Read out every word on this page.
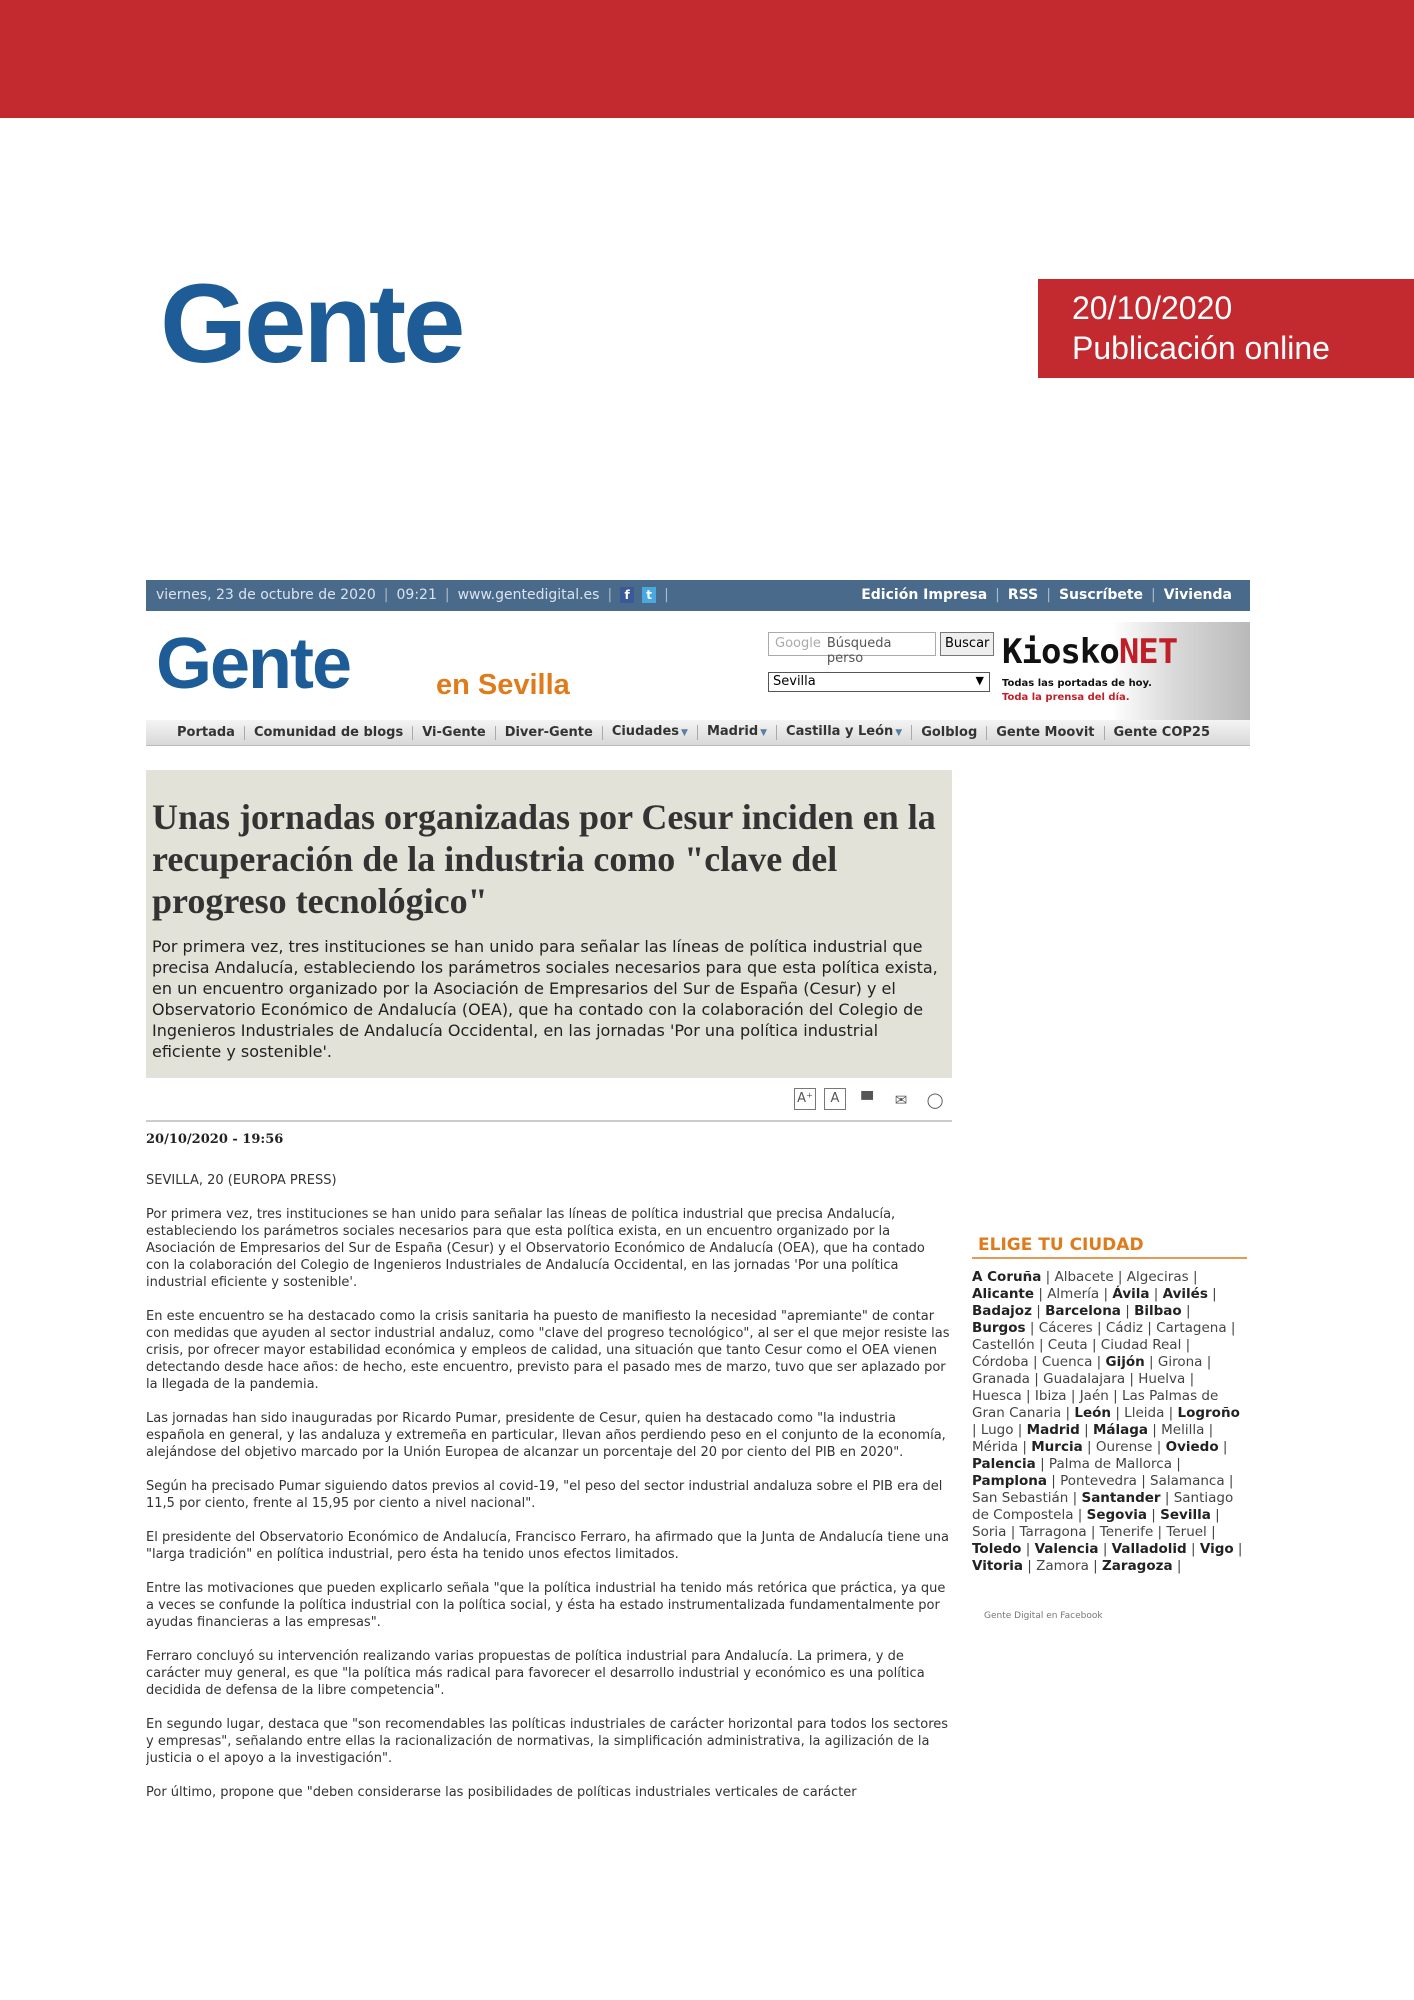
Gente	20/10/2020
Publicación online
viernes, 23 de octubre de 2020 | 09:21 | www.gentedigital.es |	f	t |	Edición Impresa | RSS | Suscríbete | Vivienda
Gente	en Sevilla
Google Búsqueda perso
Buscar
Sevilla	▼
KioskoNET
Todas las portadas de hoy.
Toda la prensa del día.
Portada	Comunidad de blogs	Vi-Gente	Diver-Gente	Ciudades ▼	Madrid ▼	Castilla y León ▼	Golblog	Gente Moovit	Gente COP25
Unas jornadas organizadas por Cesur inciden en la recuperación de la industria como "clave del progreso tecnológico"

Por primera vez, tres instituciones se han unido para señalar las líneas de política industrial que precisa Andalucía, estableciendo los parámetros sociales necesarios para que esta política exista, en un encuentro organizado por la Asociación de Empresarios del Sur de España (Cesur) y el Observatorio Económico de Andalucía (OEA), que ha contado con la colaboración del Colegio de Ingenieros Industriales de Andalucía Occidental, en las jornadas 'Por una política industrial eficiente y sostenible'.

A⁺	A	▀	✉	◯
20/10/2020 - 19:56

SEVILLA, 20 (EUROPA PRESS)

Por primera vez, tres instituciones se han unido para señalar las líneas de política industrial que precisa Andalucía, estableciendo los parámetros sociales necesarios para que esta política exista, en un encuentro organizado por la Asociación de Empresarios del Sur de España (Cesur) y el Observatorio Económico de Andalucía (OEA), que ha contado con la colaboración del Colegio de Ingenieros Industriales de Andalucía Occidental, en las jornadas 'Por una política industrial eficiente y sostenible'.

En este encuentro se ha destacado como la crisis sanitaria ha puesto de manifiesto la necesidad "apremiante" de contar con medidas que ayuden al sector industrial andaluz, como "clave del progreso tecnológico", al ser el que mejor resiste las crisis, por ofrecer mayor estabilidad económica y empleos de calidad, una situación que tanto Cesur como el OEA vienen detectando desde hace años: de hecho, este encuentro, previsto para el pasado mes de marzo, tuvo que ser aplazado por la llegada de la pandemia.

Las jornadas han sido inauguradas por Ricardo Pumar, presidente de Cesur, quien ha destacado como "la industria española en general, y las andaluza y extremeña en particular, llevan años perdiendo peso en el conjunto de la economía, alejándose del objetivo marcado por la Unión Europea de alcanzar un porcentaje del 20 por ciento del PIB en 2020".

Según ha precisado Pumar siguiendo datos previos al covid-19, "el peso del sector industrial andaluza sobre el PIB era del 11,5 por ciento, frente al 15,95 por ciento a nivel nacional".

El presidente del Observatorio Económico de Andalucía, Francisco Ferraro, ha afirmado que la Junta de Andalucía tiene una "larga tradición" en política industrial, pero ésta ha tenido unos efectos limitados.

Entre las motivaciones que pueden explicarlo señala "que la política industrial ha tenido más retórica que práctica, ya que a veces se confunde la política industrial con la política social, y ésta ha estado instrumentalizada fundamentalmente por ayudas financieras a las empresas".

Ferraro concluyó su intervención realizando varias propuestas de política industrial para Andalucía. La primera, y de carácter muy general, es que "la política más radical para favorecer el desarrollo industrial y económico es una política decidida de defensa de la libre competencia".

En segundo lugar, destaca que "son recomendables las políticas industriales de carácter horizontal para todos los sectores y empresas", señalando entre ellas la racionalización de normativas, la simplificación administrativa, la agilización de la justicia o el apoyo a la investigación".

Por último, propone que "deben considerarse las posibilidades de políticas industriales verticales de carácter

ELIGE TU CIUDAD
A Coruña | Albacete | Algeciras | Alicante | Almería | Ávila | Avilés | Badajoz | Barcelona | Bilbao | Burgos | Cáceres | Cádiz | Cartagena | Castellón | Ceuta | Ciudad Real | Córdoba | Cuenca | Gijón | Girona | Granada | Guadalajara | Huelva | Huesca | Ibiza | Jaén | Las Palmas de Gran Canaria | León | Lleida | Logroño | Lugo | Madrid | Málaga | Melilla | Mérida | Murcia | Ourense | Oviedo | Palencia | Palma de Mallorca | Pamplona | Pontevedra | Salamanca | San Sebastián | Santander | Santiago de Compostela | Segovia | Sevilla | Soria | Tarragona | Tenerife | Teruel | Toledo | Valencia | Valladolid | Vigo | Vitoria | Zamora | Zaragoza |
Gente Digital en Facebook
